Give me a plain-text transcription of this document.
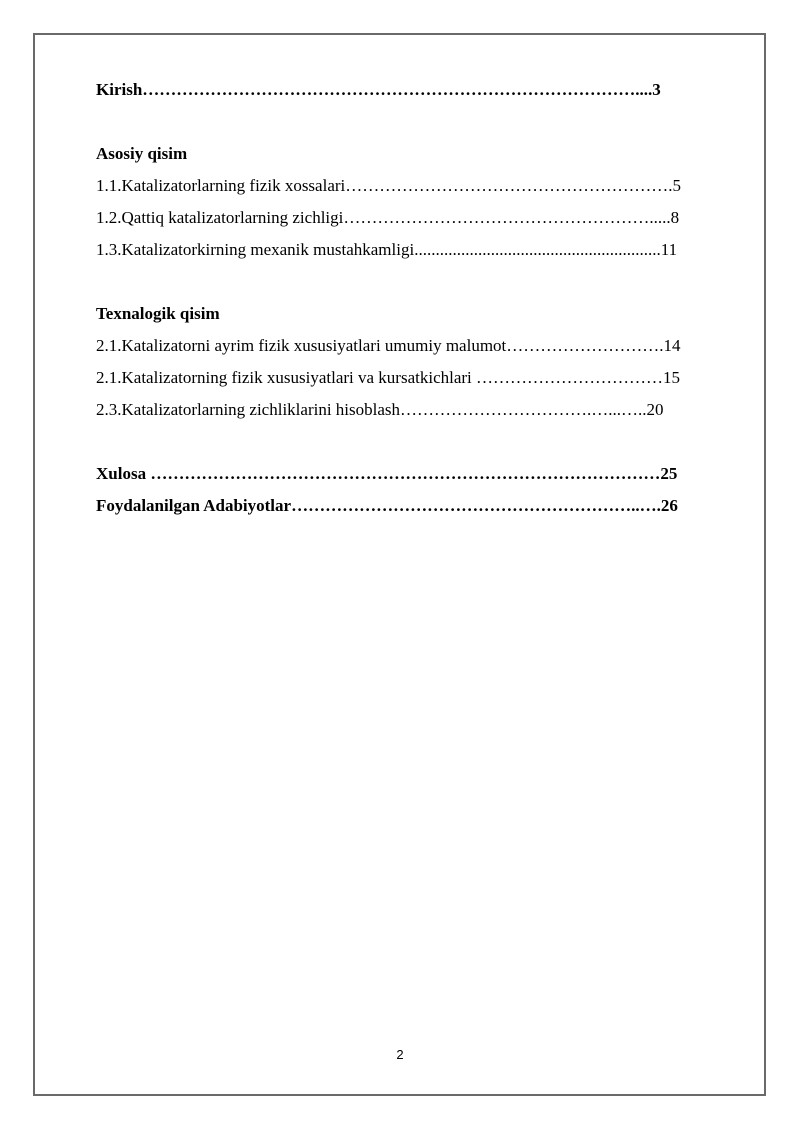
Kirish……………………………………………………………………………....3
Asosiy qisim
1.1.Katalizatorlarning fizik xossalari………………………………………………….5
1.2.Qattiq katalizatorlarning zichligi……………………………………………….....8
1.3.Katalizatorkirning mexanik mustahkamligi..........................................................11
Texnalogik qisim
2.1.Katalizatorni ayrim fizik xususiyatlari umumiy malumot……………………….14
2.1.Katalizatorning fizik xususiyatlari va kursatkichlari ……………………………15
2.3.Katalizatorlarning zichliklarini hisoblash…………………………….…...…..20
Xulosa ………………………………………………………………………………25
Foydalanilgan Adabiyotlar……………………………………………………..….26
2
